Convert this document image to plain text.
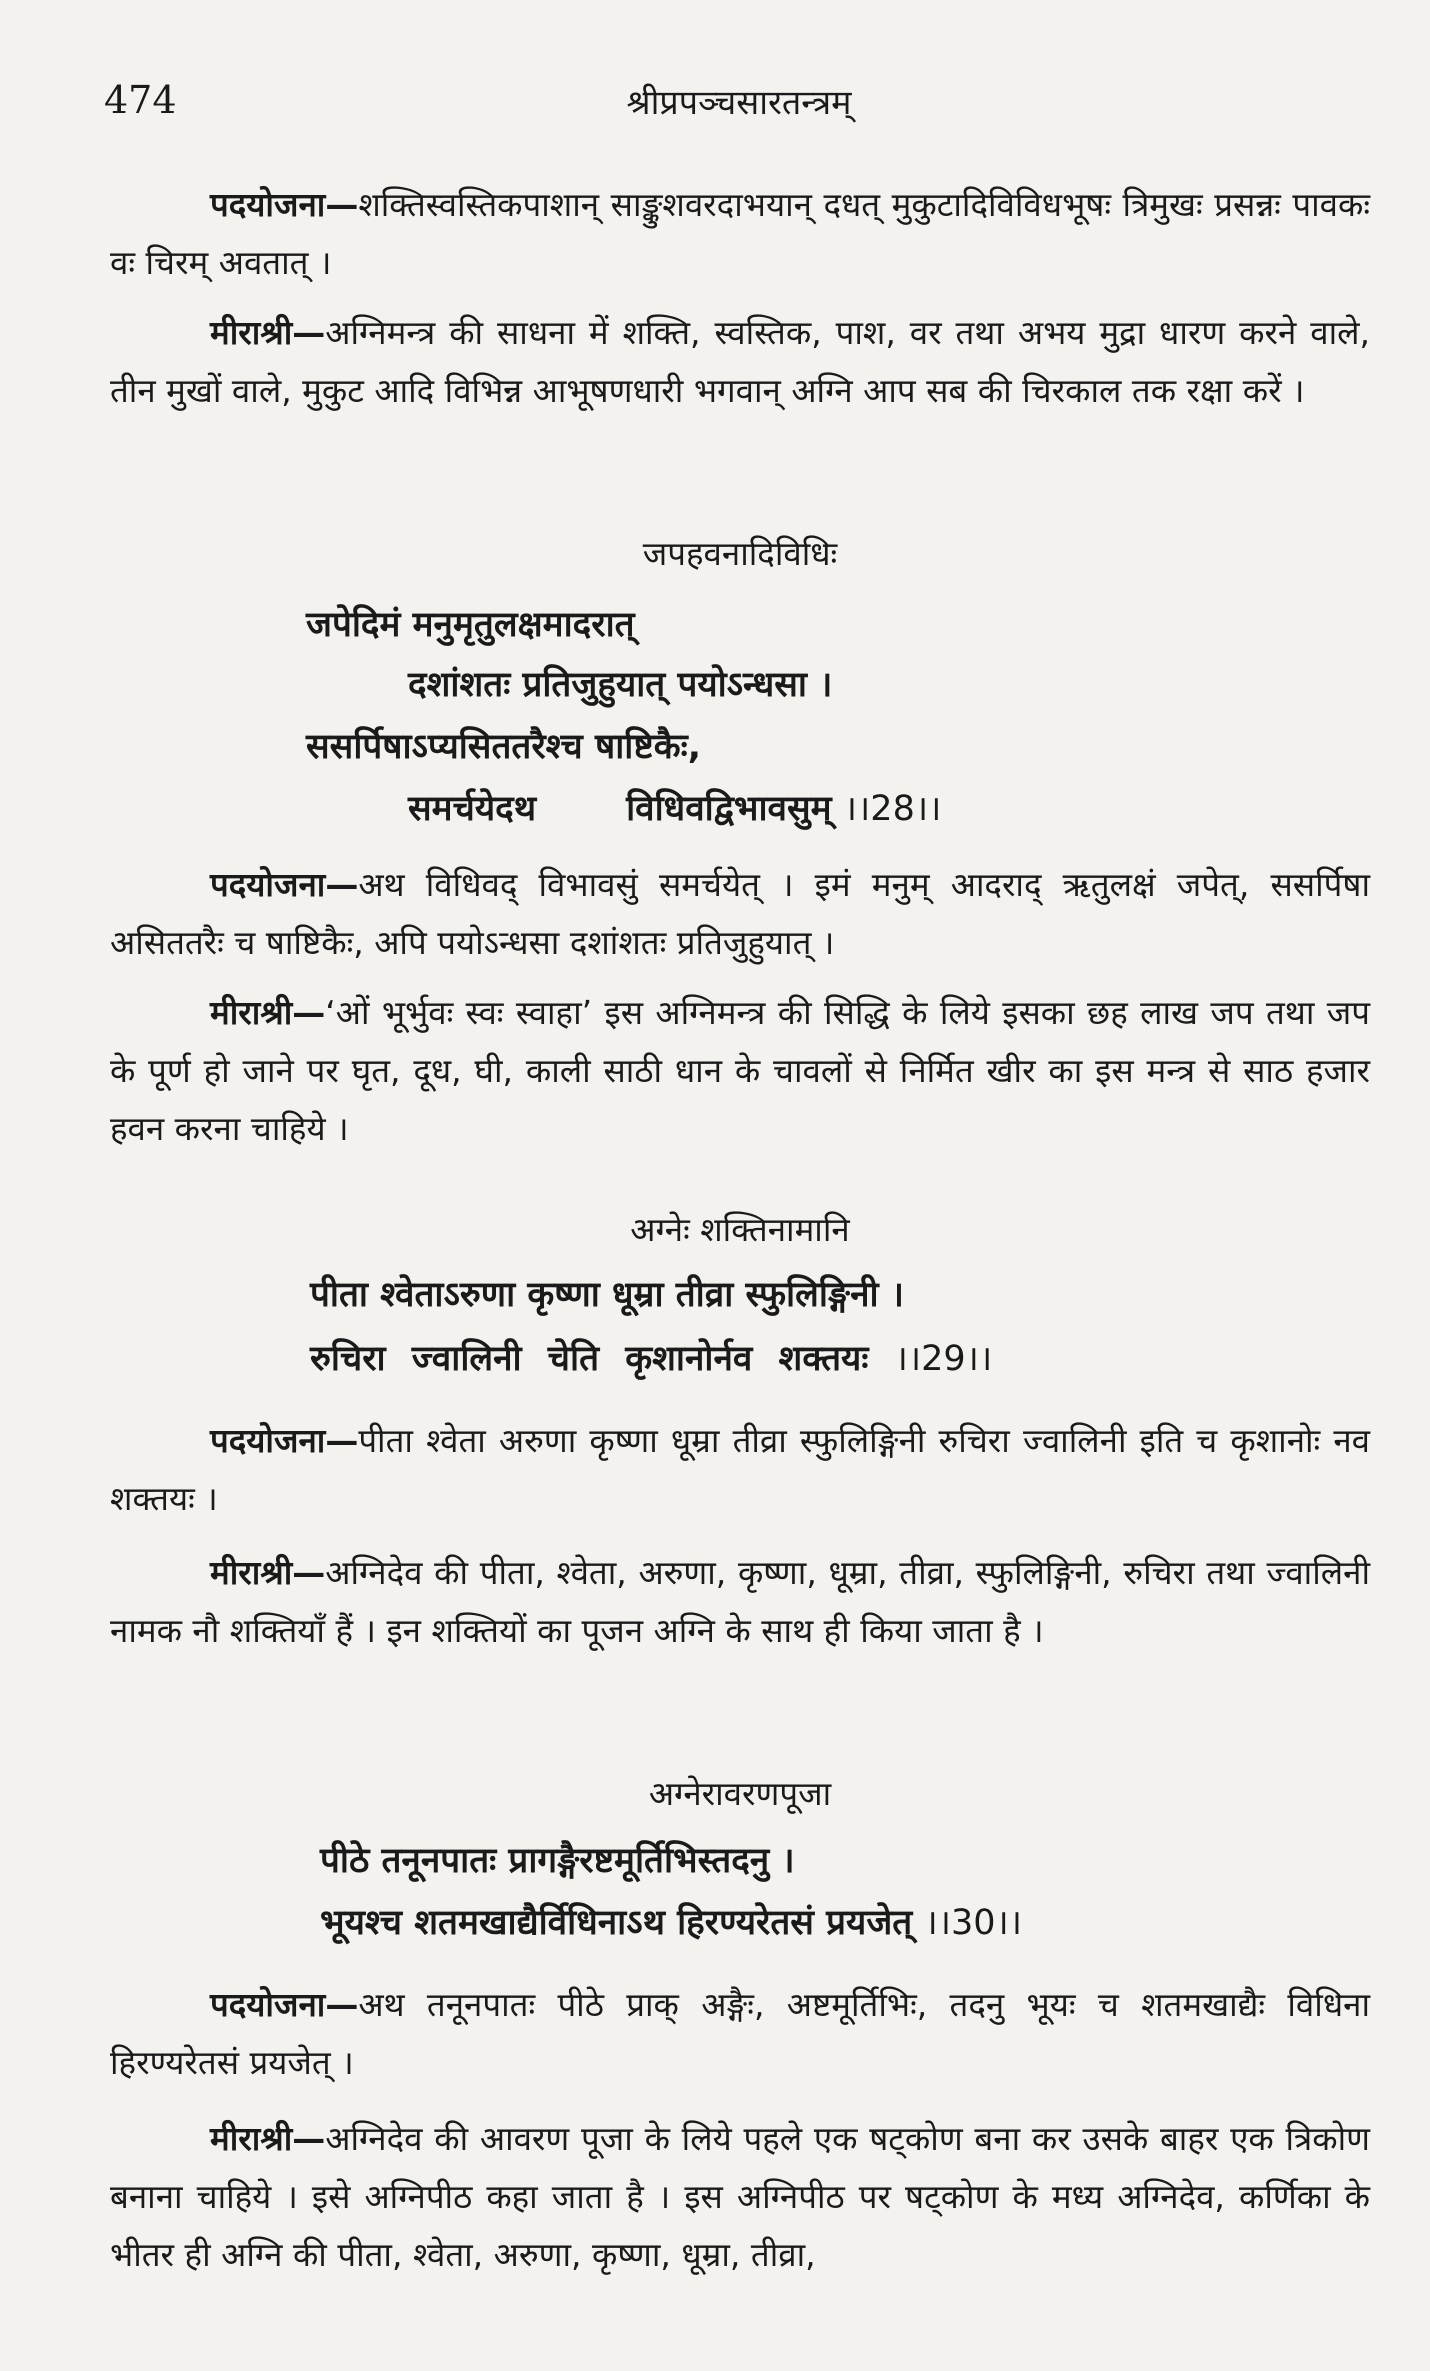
474	श्रीप्रपञ्चसारतन्त्रम्
पदयोजना—शक्तिस्वस्तिकपाशान् साङ्कुशवरदाभयान् दधत् मुकुटादिविविधभूषः त्रिमुखः प्रसन्नः पावकः वः चिरम् अवतात् ।
मीराश्री—अग्निमन्त्र की साधना में शक्ति, स्वस्तिक, पाश, वर तथा अभय मुद्रा धारण करने वाले, तीन मुखों वाले, मुकुट आदि विभिन्न आभूषणधारी भगवान् अग्नि आप सब की चिरकाल तक रक्षा करें ।
जपहवनादिविधिः
जपेदिमं मनुमृतुलक्षमादरात्
दशांशतः प्रतिजुहुयात् पयोऽन्धसा ।
ससर्पिषाऽप्यसिततरैश्च षाष्टिकैः,
समर्चयेदथ	विधिवद्विभावसुम् ।।28।।
पदयोजना—अथ विधिवद् विभावसुं समर्चयेत् । इमं मनुम् आदराद् ऋतुलक्षं जपेत्, ससर्पिषा असिततरैः च षाष्टिकैः, अपि पयोऽन्धसा दशांशतः प्रतिजुहुयात् ।
मीराश्री—‘ओं भूर्भुवः स्वः स्वाहा’ इस अग्निमन्त्र की सिद्धि के लिये इसका छह लाख जप तथा जप के पूर्ण हो जाने पर घृत, दूध, घी, काली साठी धान के चावलों से निर्मित खीर का इस मन्त्र से साठ हजार हवन करना चाहिये ।
अग्नेः शक्तिनामानि
पीता श्वेताऽरुणा कृष्णा धूम्रा तीव्रा स्फुलिङ्गिनी ।
रुचिरा ज्वालिनी चेति कृशानोर्नव शक्तयः ।।29।।
पदयोजना—पीता श्वेता अरुणा कृष्णा धूम्रा तीव्रा स्फुलिङ्गिनी रुचिरा ज्वालिनी इति च कृशानोः नव शक्तयः ।
मीराश्री—अग्निदेव की पीता, श्वेता, अरुणा, कृष्णा, धूम्रा, तीव्रा, स्फुलिङ्गिनी, रुचिरा तथा ज्वालिनी नामक नौ शक्तियाँ हैं । इन शक्तियों का पूजन अग्नि के साथ ही किया जाता है ।
अग्नेरावरणपूजा
पीठे तनूनपातः प्रागङ्गैरष्टमूर्तिभिस्तदनु ।
भूयश्च शतमखाद्यैर्विधिनाऽथ हिरण्यरेतसं प्रयजेत् ।।30।।
पदयोजना—अथ तनूनपातः पीठे प्राक् अङ्गैः, अष्टमूर्तिभिः, तदनु भूयः च शतमखाद्यैः विधिना हिरण्यरेतसं प्रयजेत् ।
मीराश्री—अग्निदेव की आवरण पूजा के लिये पहले एक षट्कोण बना कर उसके बाहर एक त्रिकोण बनाना चाहिये । इसे अग्निपीठ कहा जाता है । इस अग्निपीठ पर षट्कोण के मध्य अग्निदेव, कर्णिका के भीतर ही अग्नि की पीता, श्वेता, अरुणा, कृष्णा, धूम्रा, तीव्रा,
